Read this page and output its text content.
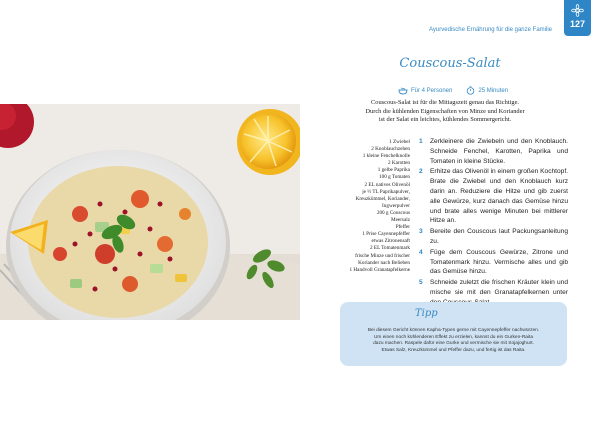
Ayurvedische Ernährung für die ganze Familie
127
Couscous-Salat
Für 4 Personen	25 Minuten
Couscous-Salat ist für die Mittagszeit genau das Richtige.
Durch die kühlenden Eigenschaften von Minze und Koriander
ist der Salat ein leichtes, kühlendes Sommergericht.
1 Zwiebel
2 Knoblauchzehen
1 kleine Fenchelknolle
2 Karotten
1 gelbe Paprika
100 g Tomaten
2 EL natives Olivenöl
je ½ TL Paprikapulver,
Kreuzkümmel, Koriander,
Ingwerpulver
200 g Couscous
Meersalz
Pfeffer
1 Prise Cayennepfeffer
etwas Zitronensaft
2 EL Tomatenmark
frische Minze und frischer
Koriander nach Belieben
1 Handvoll Granatapfelkerne
1 Zerkleinere die Zwiebeln und den Knoblauch. Schneide Fenchel, Karotten, Paprika und Tomaten in kleine Stücke.
2 Erhitze das Olivenöl in einem großen Kochtopf. Brate die Zwiebel und den Knoblauch kurz darin an. Reduziere die Hitze und gib zuerst alle Gewürze, kurz danach das Gemüse hinzu und brate alles wenige Minuten bei mittlerer Hitze an.
3 Bereite den Couscous laut Packungsanleitung zu.
4 Füge dem Couscous Gewürze, Zitrone und Tomatenmark hinzu. Vermische alles und gib das Gemüse hinzu.
5 Schneide zuletzt die frischen Kräuter klein und mische sie mit den Granatapfelkernen unter
Tipp
Bei diesem Gericht können Kapha-Typen gerne mit Cayennepfeffer nachwürzen.
Um einen noch kühlenderen Effekt zu erzielen, kannst du ein Gurken-Raita
dazu machen. Raspele dafür eine Gurke und vermische sie mit Sojajoghurt.
Etwas Salz, Kreuzkümmel und Pfeffer dazu, und fertig ist das Raita.
